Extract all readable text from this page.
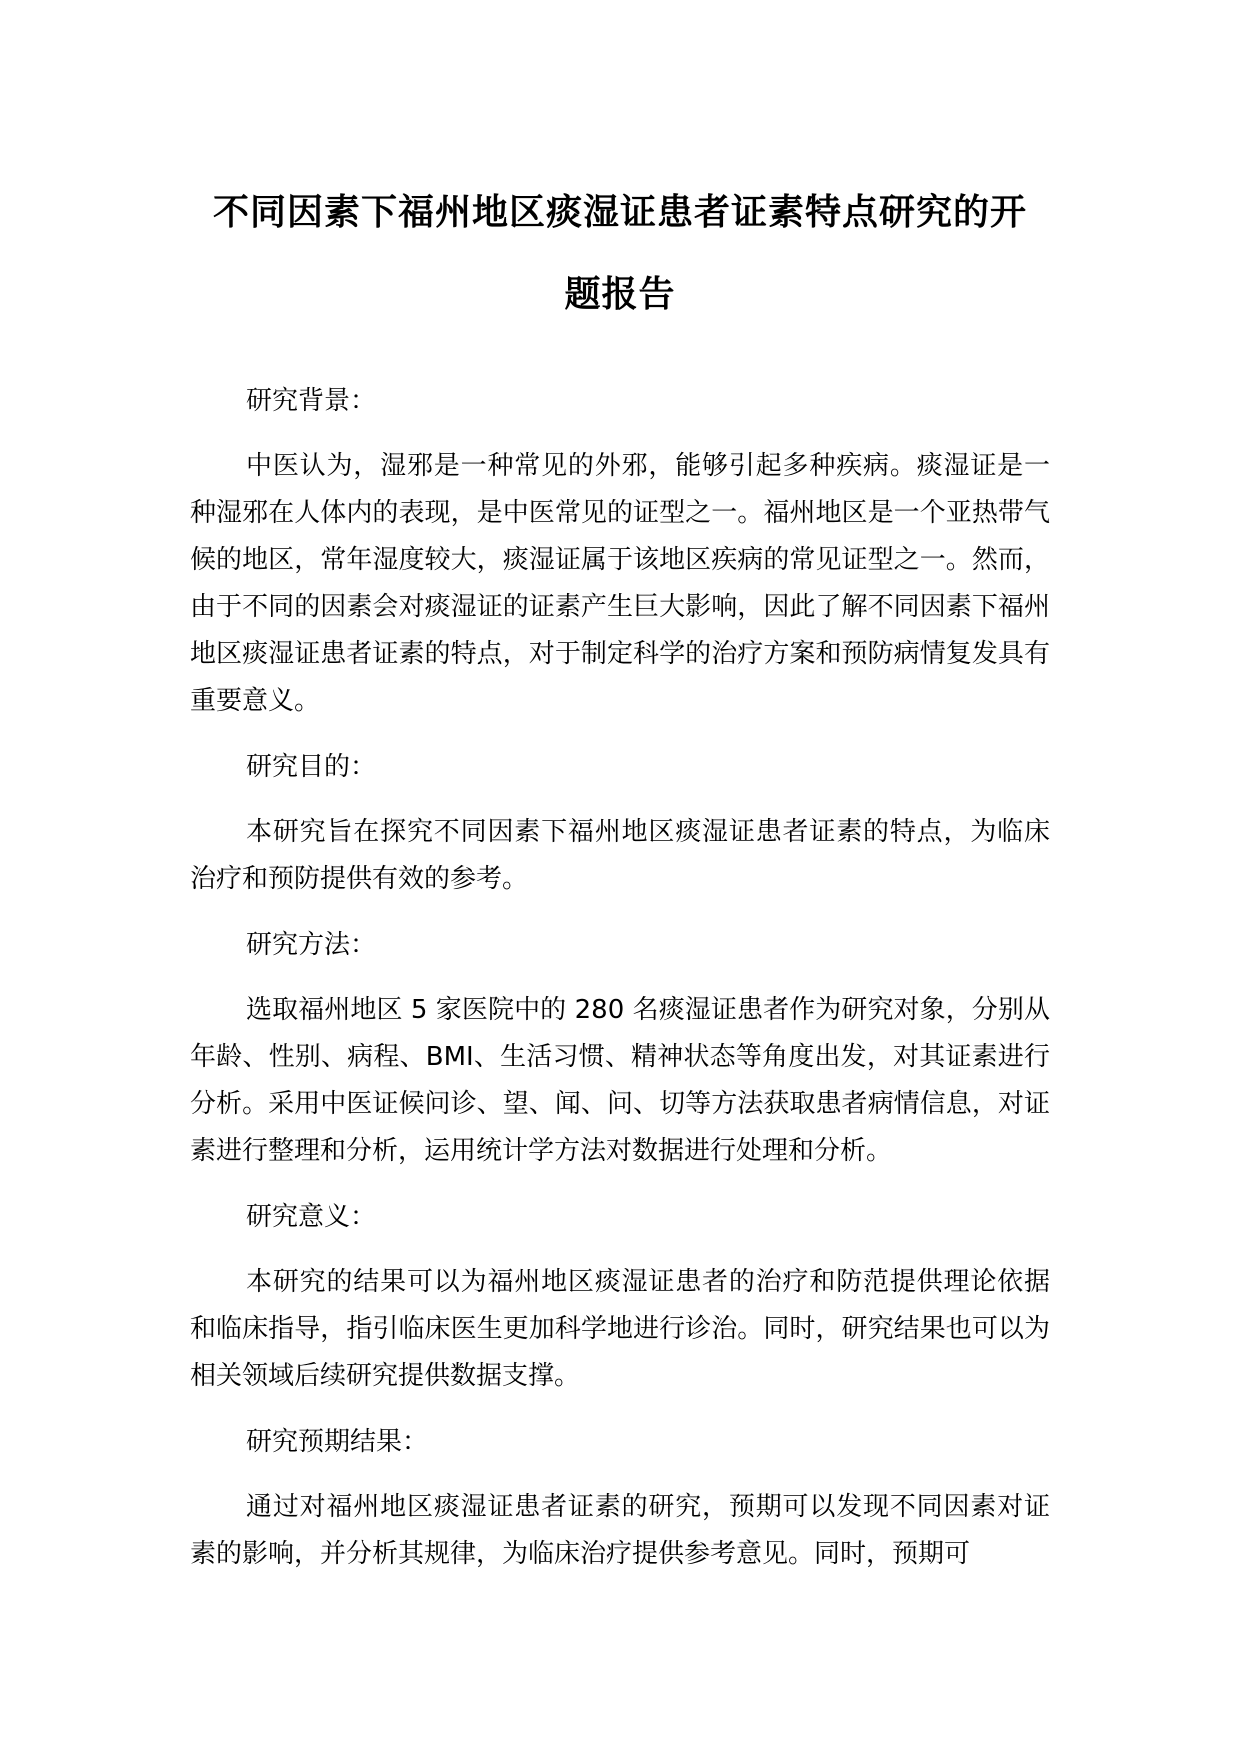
不同因素下福州地区痰湿证患者证素特点研究的开
题报告

研究背景：

中医认为，湿邪是一种常见的外邪，能够引起多种疾病。痰湿证是一种湿邪在人体内的表现，是中医常见的证型之一。福州地区是一个亚热带气候的地区，常年湿度较大，痰湿证属于该地区疾病的常见证型之一。然而，由于不同的因素会对痰湿证的证素产生巨大影响，因此了解不同因素下福州地区痰湿证患者证素的特点，对于制定科学的治疗方案和预防病情复发具有重要意义。

研究目的：

本研究旨在探究不同因素下福州地区痰湿证患者证素的特点，为临床治疗和预防提供有效的参考。

研究方法：

选取福州地区 5 家医院中的 280 名痰湿证患者作为研究对象，分别从年龄、性别、病程、BMI、生活习惯、精神状态等角度出发，对其证素进行分析。采用中医证候问诊、望、闻、问、切等方法获取患者病情信息，对证素进行整理和分析，运用统计学方法对数据进行处理和分析。

研究意义：

本研究的结果可以为福州地区痰湿证患者的治疗和防范提供理论依据和临床指导，指引临床医生更加科学地进行诊治。同时，研究结果也可以为相关领域后续研究提供数据支撑。

研究预期结果：

通过对福州地区痰湿证患者证素的研究，预期可以发现不同因素对证素的影响，并分析其规律，为临床治疗提供参考意见。同时，预期可
